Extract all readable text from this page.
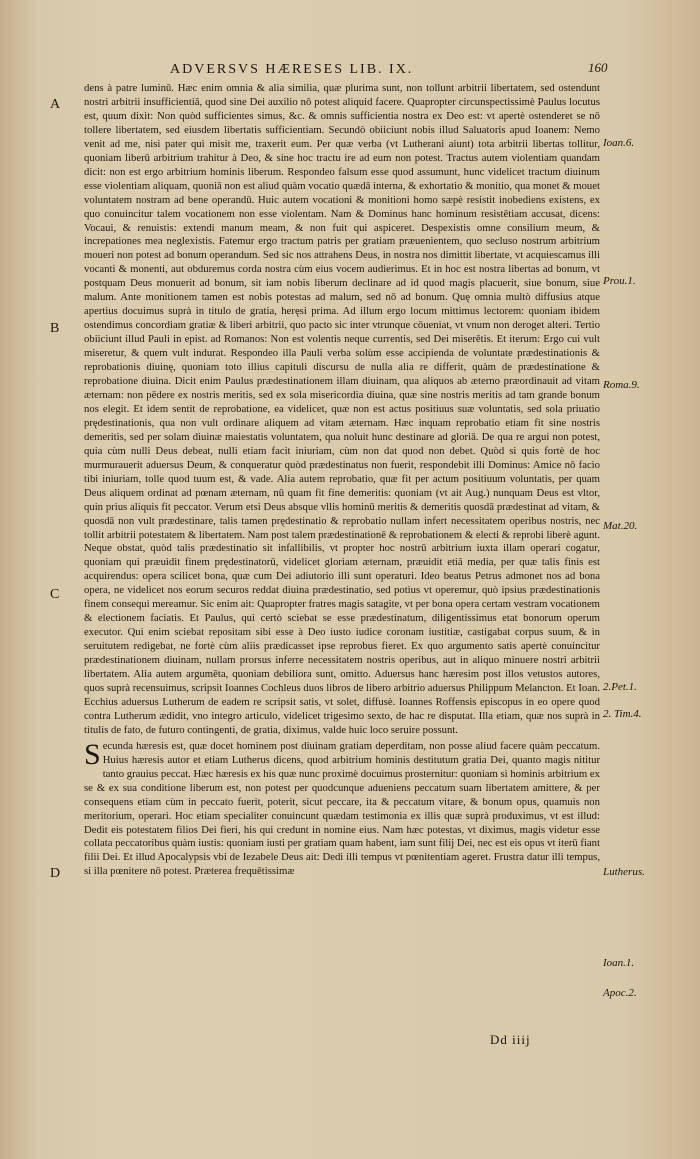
ADVERSVS HÆRESES LIB. IX.	160
A
B
C
D
Ioan.6.
Prou.1.
Roma.9.
Mat.20.
2.Pet.1.
2. Tim.4.
Lutherus.
Ioan.1.
Apoc.2.

dens à patre luminū. Hæc enim omnia & alia similia, quæ plurima sunt, non tollunt arbitrii libertatem, sed ostendunt nostri arbitrii insufficientiā, quod sine Dei auxilio nō potest aliquid facere. Quapropter circunspectissimè Paulus locutus est, quum dixit: Non quòd sufficientes simus, &c. & omnis sufficientia nostra ex Deo est: vt apertè ostenderet se nō tollere libertatem, sed eiusdem libertatis sufficientiam. Secundò obiiciunt nobis illud Saluatoris apud Ioanem: Nemo venit ad me, nisi pater qui misit me, traxerit eum. Per quæ verba (vt Lutherani aiunt) tota arbitrii libertas tollitur, quoniam liberū arbitrium trahitur à Deo, & sine hoc tractu ire ad eum non potest. Tractus autem violentiam quandam dicit: non est ergo arbitrium hominis liberum. Respondeo falsum esse quod assumunt, hunc videlicet tractum diuinum esse violentiam aliquam, quoniā non est aliud quàm vocatio quædā interna, & exhortatio & monitio, qua monet & mouet voluntatem nostram ad bene operandū. Huic autem vocationi & monitioni homo sæpè resistit inobediens existens, ex quo conuincitur talem vocationem non esse violentam. Nam & Dominus hanc hominum resistētiam accusat, dicens: Vocaui, & renuistis: extendi manum meam, & non fuit qui aspiceret. Despexistis omne consilium meum, & increpationes mea neglexistis. Fatemur ergo tractum patris per gratiam præuenientem, quo secluso nostrum arbitrium moueri non potest ad bonum operandum. Sed sic nos attrahens Deus, in nostra nos dimittit libertate, vt acquiescamus illi vocanti & monenti, aut obduremus corda nostra cùm eius vocem audierimus. Et in hoc est nostra libertas ad bonum, vt postquam Deus monuerit ad bonum, sit iam nobis liberum declinare ad id quod magis placuerit, siue bonum, siue malum. Ante monitionem tamen est nobis potestas ad malum, sed nō ad bonum. Quę omnia multò diffusius atque apertius docuimus suprà in titulo de gratia, heręsi prima. Ad illum ergo locum mittimus lectorem: quoniam ibidem ostendimus concordiam gratiæ & liberi arbitrii, quo pacto sic inter vtrunque cōueniat, vt vnum non deroget alteri. Tertio obiiciunt illud Pauli in epist. ad Romanos: Non est volentis neque currentis, sed Dei miserētis. Et iterum: Ergo cui vult miseretur, & quem vult indurat. Respondeo illa Pauli verba solùm esse accipienda de voluntate prædestinationis & reprobationis diuinę, quoniam toto illius capituli discursu de nulla alia re differit, quàm de prædestinatione & reprobatione diuina. Dicit enim Paulus prædestinationem illam diuinam, qua aliquos ab æterno præordinauit ad vitam æternam: non pēdere ex nostris meritis, sed ex sola misericordia diuina, quæ sine nostris meritis ad tam grande bonum nos elegit. Et idem sentit de reprobatione, ea videlicet, quæ non est actus positiuus suæ voluntatis, sed sola priuatio prędestinationis, qua non vult ordinare aliquem ad vitam æternam. Hæc inquam reprobatio etiam fit sine nostris demeritis, sed per solam diuinæ maiestatis voluntatem, qua noluit hunc destinare ad gloriā. De qua re argui non potest, quia cùm nulli Deus debeat, nulli etiam facit iniuriam, cùm non dat quod non debet. Quòd si quis fortè de hoc murmurauerit aduersus Deum, & conqueratur quòd prædestinatus non fuerit, respondebit illi Dominus: Amice nō facio tibi iniuriam, tolle quod tuum est, & vade. Alia autem reprobatio, quæ fit per actum positiuum voluntatis, per quam Deus aliquem ordinat ad pœnam æternam, nū quam fit fine demeritis: quoniam (vt ait Aug.) nunquam Deus est vltor, quin prius aliquis fit peccator. Verum etsi Deus absque vllis hominū meritis & demeritis quosdā prædestinat ad vitam, & quosdā non vult prædestinare, talis tamen prędestinatio & reprobatio nullam infert necessitatem operibus nostris, nec tollit arbitrii potestatem & libertatem. Nam post talem prædestinationē & reprobationem & electi & reprobi liberè agunt. Neque obstat, quòd talis prædestinatio sit infallibilis, vt propter hoc nostrū arbitrium iuxta illam operari cogatur, quoniam qui præuidit finem prędestinatorū, videlicet gloriam æternam, præuidit etiā media, per quæ talis finis est acquirendus: opera scilicet bona, quæ cum Dei adiutorio illi sunt operaturi. Ideo beatus Petrus admonet nos ad bona opera, ne videlicet nos eorum securos reddat diuina prædestinatio, sed potius vt operemur, quò ipsius prædestinationis finem consequi mereamur. Sic enim ait: Quapropter fratres magis satagite, vt per bona opera certam vestram vocationem & electionem faciatis. Et Paulus, qui certò sciebat se esse prædestinatum, diligentissimus etat bonorum operum executor. Qui enim sciebat repositam sibi esse à Deo iusto iudice coronam iustitiæ, castigabat corpus suum, & in seruitutem redigebat, ne fortè cùm aliis prædicasset ipse reprobus fieret. Ex quo argumento satis apertè conuincitur prædestinationem diuinam, nullam prorsus inferre necessitatem nostris operibus, aut in aliquo minuere nostri arbitrii libertatem. Alia autem argumēta, quoniam debiliora sunt, omitto. Aduersus hanc hæresim post illos vetustos autores, quos suprà recensuimus, scripsit Ioannes Cochleus duos libros de libero arbitrio aduersus Philippum Melancton. Et Ioan. Ecchius aduersus Lutherum de eadem re scripsit satis, vt solet, diffusè. Ioannes Roffensis episcopus in eo opere quod contra Lutherum ædidit, vno integro articulo, videlicet trigesimo sexto, de hac re disputat. Illa etiam, quæ nos suprà in titulis de fato, de futuro contingenti, de gratia, diximus, valde huic loco seruire possunt.

Secunda hæresis est, quæ docet hominem post diuinam gratiam deperditam, non posse aliud facere quàm peccatum. Huius hæresis autor et etiam Lutherus dicens, quod arbitrium hominis destitutum gratia Dei, quanto magis nititur tanto grauius peccat. Hæc hæresis ex his quæ nunc proximè docuimus prosternitur: quoniam si hominis arbitrium ex se & ex sua conditione liberum est, non potest per quodcunque adueniens peccatum suam libertatem amittere, & per consequens etiam cùm in peccato fuerit, poterit, sicut peccare, ita & peccatum vitare, & bonum opus, quamuis non meritorium, operari. Hoc etiam specialiter conuincunt quædam testimonia ex illis quæ suprà produximus, vt est illud: Dedit eis potestatem filios Dei fieri, his qui credunt in nomine eius. Nam hæc potestas, vt diximus, magis videtur esse collata peccatoribus quàm iustis: quoniam iusti per gratiam quam habent, iam sunt filij Dei, nec est eis opus vt iterū fiant filii Dei. Et illud Apocalypsis vbi de Iezabele Deus ait: Dedi illi tempus vt pœnitentiam ageret. Frustra datur illi tempus, si illa pœnitere nō potest. Præterea frequētissimæ

Dd iiij
